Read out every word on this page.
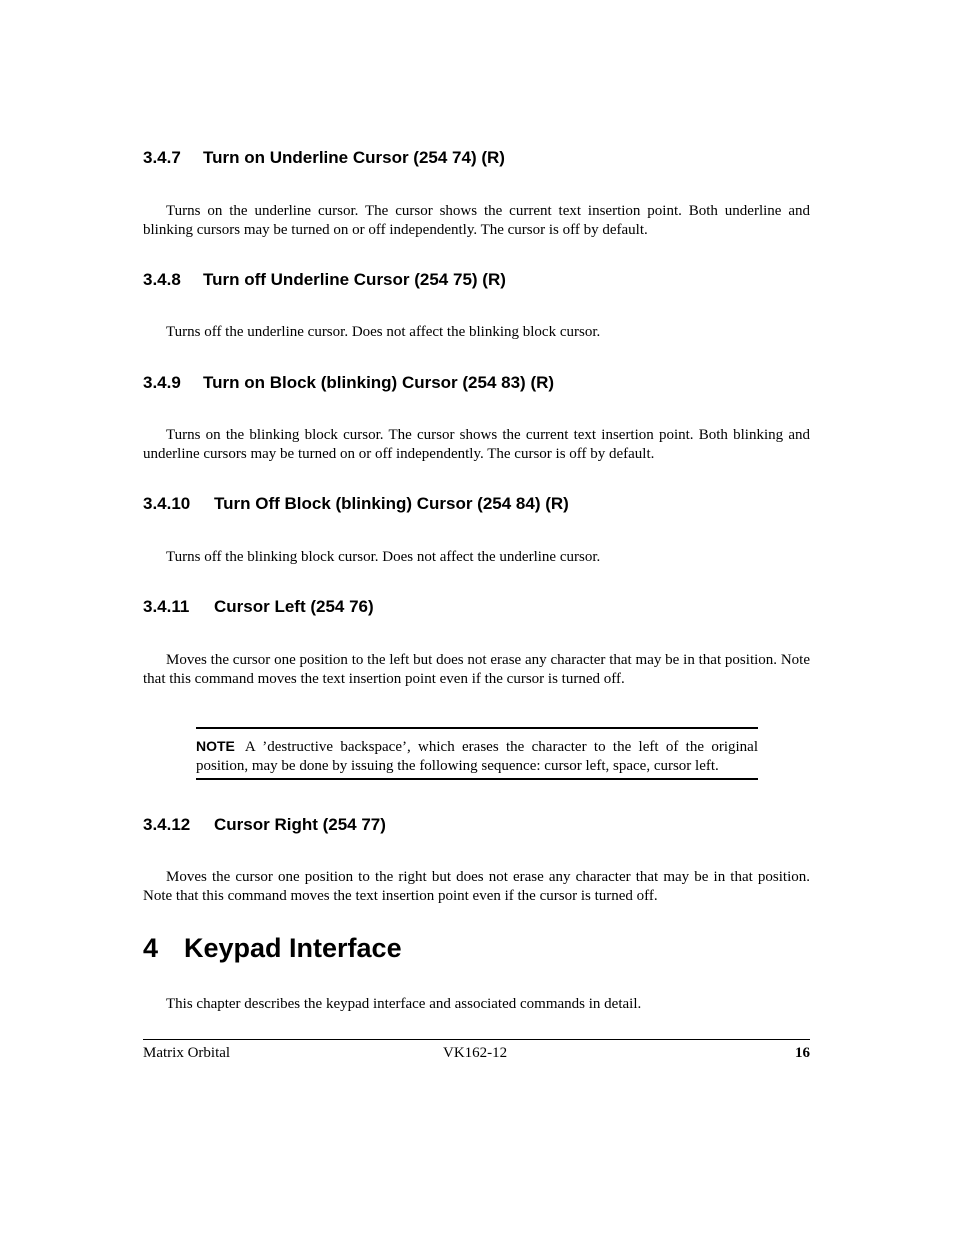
3.4.7 Turn on Underline Cursor (254 74) (R)

Turns on the underline cursor. The cursor shows the current text insertion point. Both underline and blinking cursors may be turned on or off independently. The cursor is off by default.

3.4.8 Turn off Underline Cursor (254 75) (R)

Turns off the underline cursor. Does not affect the blinking block cursor.

3.4.9 Turn on Block (blinking) Cursor (254 83) (R)

Turns on the blinking block cursor. The cursor shows the current text insertion point. Both blinking and underline cursors may be turned on or off independently. The cursor is off by default.

3.4.10 Turn Off Block (blinking) Cursor (254 84) (R)

Turns off the blinking block cursor. Does not affect the underline cursor.

3.4.11 Cursor Left (254 76)

Moves the cursor one position to the left but does not erase any character that may be in that position. Note that this command moves the text insertion point even if the cursor is turned off.

NOTE A ’destructive backspace’, which erases the character to the left of the original position, may be done by issuing the following sequence: cursor left, space, cursor left.

3.4.12 Cursor Right (254 77)

Moves the cursor one position to the right but does not erase any character that may be in that position. Note that this command moves the text insertion point even if the cursor is turned off.

4 Keypad Interface

This chapter describes the keypad interface and associated commands in detail.

Matrix Orbital	VK162-12	16
